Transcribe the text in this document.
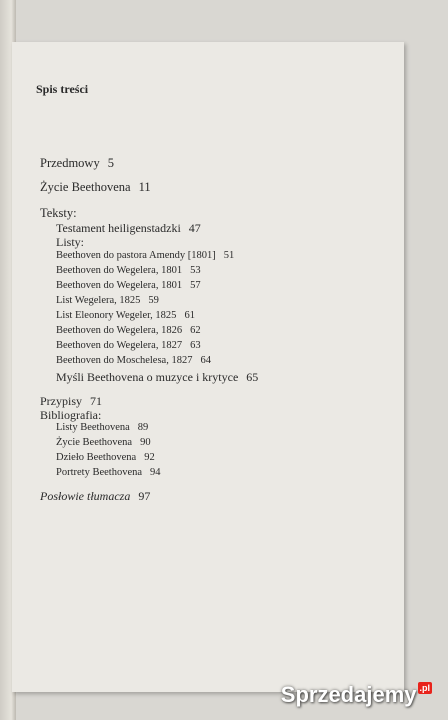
Spis treści
Przedmowy 5
Życie Beethovena 11
Teksty:
Testament heiligenstadzki 47
Listy:
Beethoven do pastora Amendy [1801] 51
Beethoven do Wegelera, 1801 53
Beethoven do Wegelera, 1801 57
List Wegelera, 1825 59
List Eleonory Wegeler, 1825 61
Beethoven do Wegelera, 1826 62
Beethoven do Wegelera, 1827 63
Beethoven do Moschelesa, 1827 64
Myśli Beethovena o muzyce i krytyce 65
Przypisy 71
Bibliografia:
Listy Beethovena 89
Życie Beethovena 90
Dzieło Beethovena 92
Portrety Beethovena 94
Posłowie tłumacza 97
Sprzedajemy .pl
